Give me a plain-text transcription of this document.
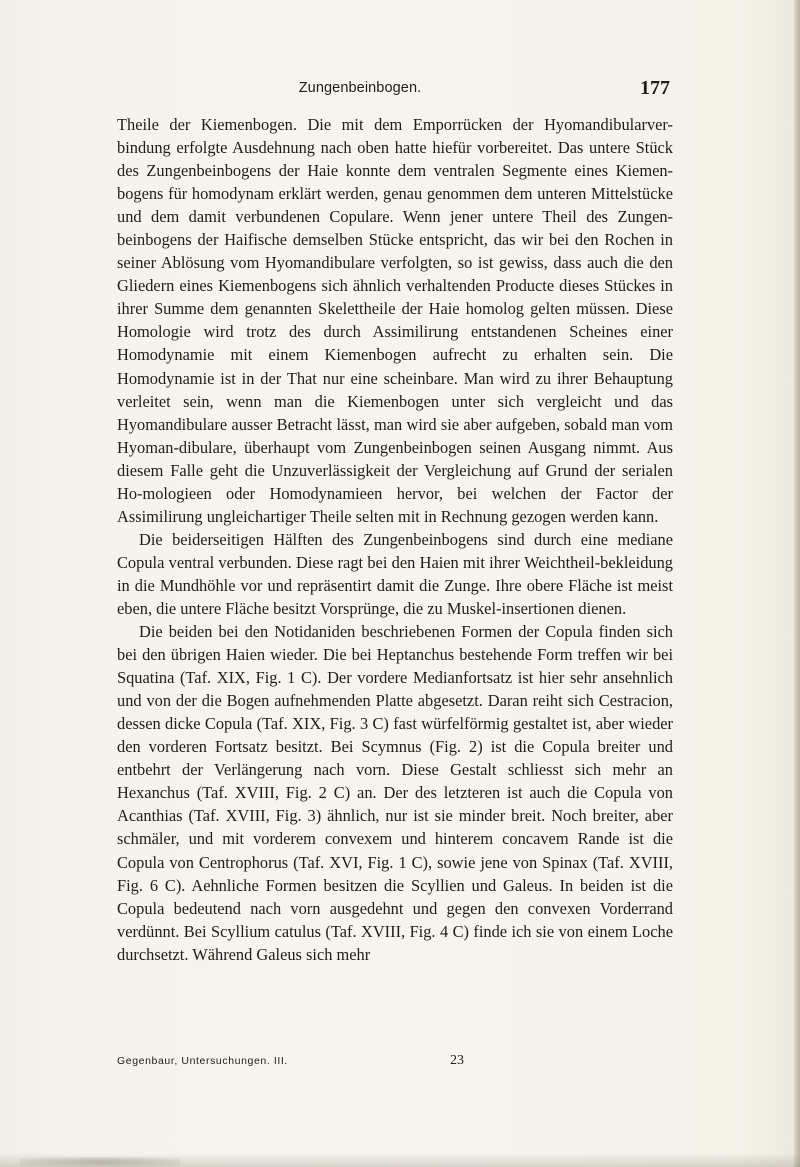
Zungenbeinbogen.	177

Theile der Kiemenbogen. Die mit dem Emporrücken der Hyomandibularver-bindung erfolgte Ausdehnung nach oben hatte hiefür vorbereitet. Das untere Stück des Zungenbeinbogens der Haie konnte dem ventralen Segmente eines Kiemen-bogens für homodynam erklärt werden, genau genommen dem unteren Mittelstücke und dem damit verbundenen Copulare. Wenn jener untere Theil des Zungen-beinbogens der Haifische demselben Stücke entspricht, das wir bei den Rochen in seiner Ablösung vom Hyomandibulare verfolgten, so ist gewiss, dass auch die den Gliedern eines Kiemenbogens sich ähnlich verhaltenden Producte dieses Stückes in ihrer Summe dem genannten Skelettheile der Haie homolog gelten müssen. Diese Homologie wird trotz des durch Assimilirung entstandenen Scheines einer Homodynamie mit einem Kiemenbogen aufrecht zu erhalten sein. Die Homodynamie ist in der That nur eine scheinbare. Man wird zu ihrer Behauptung verleitet sein, wenn man die Kiemenbogen unter sich vergleicht und das Hyomandibulare ausser Betracht lässt, man wird sie aber aufgeben, sobald man vom Hyoman-dibulare, überhaupt vom Zungenbeinbogen seinen Ausgang nimmt. Aus diesem Falle geht die Unzuverlässigkeit der Vergleichung auf Grund der serialen Ho-mologieen oder Homodynamieen hervor, bei welchen der Factor der Assimilirung ungleichartiger Theile selten mit in Rechnung gezogen werden kann.

Die beiderseitigen Hälften des Zungenbeinbogens sind durch eine mediane Copula ventral verbunden. Diese ragt bei den Haien mit ihrer Weichtheil-bekleidung in die Mundhöhle vor und repräsentirt damit die Zunge. Ihre obere Fläche ist meist eben, die untere Fläche besitzt Vorsprünge, die zu Muskel-insertionen dienen.

Die beiden bei den Notidaniden beschriebenen Formen der Copula finden sich bei den übrigen Haien wieder. Die bei Heptanchus bestehende Form treffen wir bei Squatina (Taf. XIX, Fig. 1 C). Der vordere Medianfortsatz ist hier sehr ansehnlich und von der die Bogen aufnehmenden Platte abgesetzt. Daran reiht sich Cestracion, dessen dicke Copula (Taf. XIX, Fig. 3 C) fast würfelförmig gestaltet ist, aber wieder den vorderen Fortsatz besitzt. Bei Scymnus (Fig. 2) ist die Copula breiter und entbehrt der Verlängerung nach vorn. Diese Gestalt schliesst sich mehr an Hexanchus (Taf. XVIII, Fig. 2 C) an. Der des letzteren ist auch die Copula von Acanthias (Taf. XVIII, Fig. 3) ähnlich, nur ist sie minder breit. Noch breiter, aber schmäler, und mit vorderem convexem und hinterem concavem Rande ist die Copula von Centrophorus (Taf. XVI, Fig. 1 C), sowie jene von Spinax (Taf. XVIII, Fig. 6 C). Aehnliche Formen besitzen die Scyllien und Galeus. In beiden ist die Copula bedeutend nach vorn ausgedehnt und gegen den convexen Vorderrand verdünnt. Bei Scyllium catulus (Taf. XVIII, Fig. 4 C) finde ich sie von einem Loche durchsetzt. Während Galeus sich mehr

Gegenbaur, Untersuchungen. III.	23
